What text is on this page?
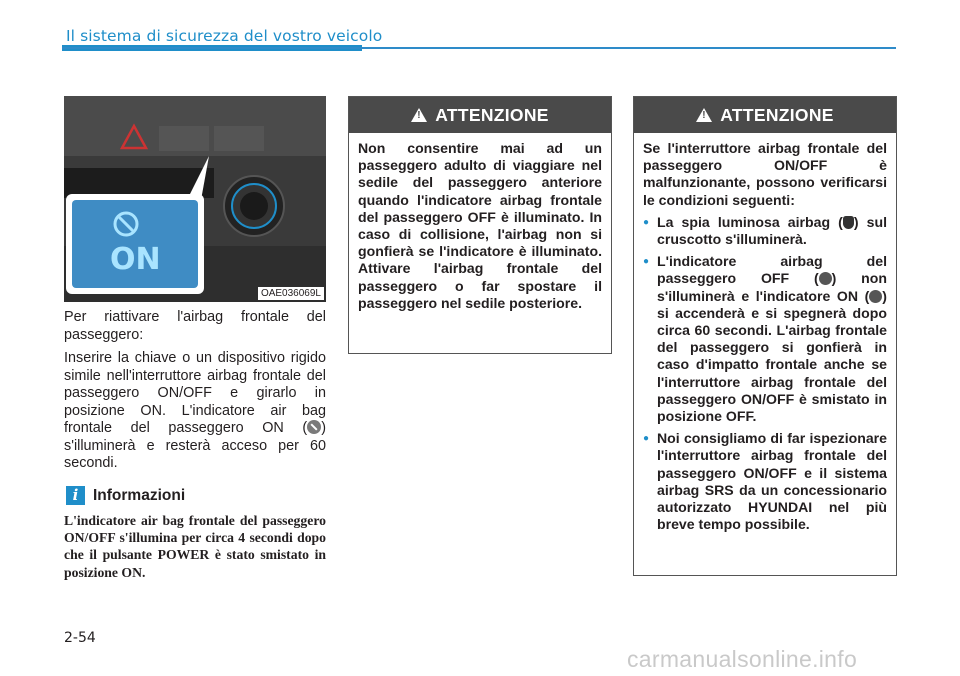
Il sistema di sicurezza del vostro veicolo
ON
OAE036069L

Per riattivare l'airbag frontale del passeggero:

Inserire la chiave o un dispositivo rigido simile nell'interruttore airbag frontale del passeggero ON/OFF e girarlo in posizione ON. L'indicatore air bag frontale del passeggero ON ( ) s'illuminerà e resterà acceso per 60 secondi.

i Informazioni
L'indicatore air bag frontale del passeggero ON/OFF s'illumina per circa 4 secondi dopo che il pulsante POWER è stato smistato in posizione ON.
!
ATTENZIONE
Non consentire mai ad un passeggero adulto di viaggiare nel sedile del passeggero anteriore quando l'indicatore airbag frontale del passeggero OFF è illuminato. In caso di collisione, l'airbag non si gonfierà se l'indicatore è illuminato. Attivare l'airbag frontale del passeggero o far spostare il passeggero nel sedile posteriore.
!
ATTENZIONE
Se l'interruttore airbag frontale del passeggero ON/OFF è malfunzionante, possono verificarsi le condizioni seguenti:
● La spia luminosa airbag ( ) sul cruscotto s'illuminerà.
● L'indicatore airbag del passeggero OFF ( ) non s'illuminerà e l'indicatore ON ( ) si accenderà e si spegnerà dopo circa 60 secondi. L'airbag frontale del passeggero si gonfierà in caso d'impatto frontale anche se l'interruttore airbag frontale del passeggero ON/OFF è smistato in posizione OFF.
● Noi consigliamo di far ispezionare l'interruttore airbag frontale del passeggero ON/OFF e il sistema airbag SRS da un concessionario autorizzato HYUNDAI nel più breve tempo possibile.
2-54
carmanualsonline.info
